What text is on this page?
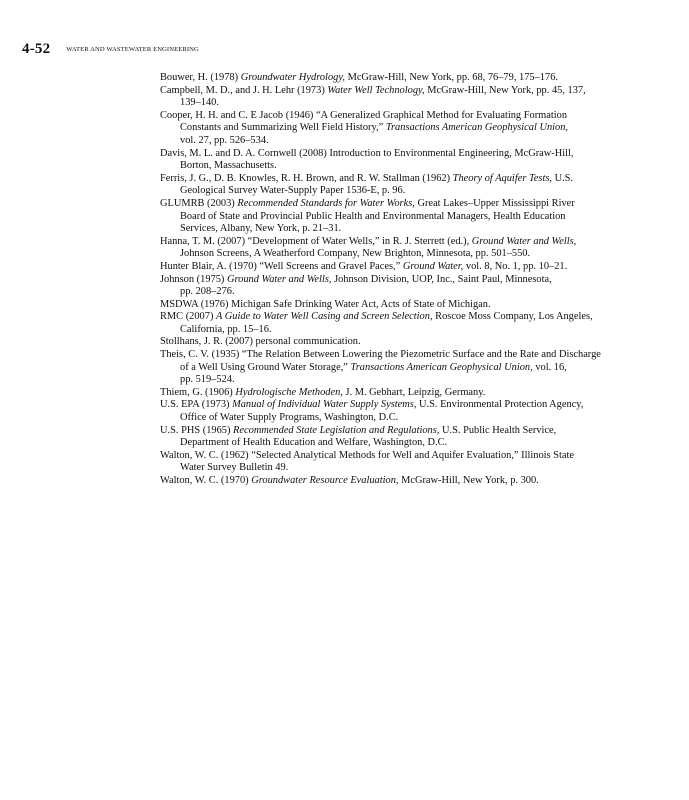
4-52 WATER AND WASTEWATER ENGINEERING
Bouwer, H. (1978) Groundwater Hydrology, McGraw-Hill, New York, pp. 68, 76–79, 175–176.
Campbell, M. D., and J. H. Lehr (1973) Water Well Technology, McGraw-Hill, New York, pp. 45, 137,
139–140.
Cooper, H. H. and C. E Jacob (1946) “A Generalized Graphical Method for Evaluating Formation
Constants and Summarizing Well Field History,” Transactions American Geophysical Union,
vol. 27, pp. 526–534.
Davis, M. L. and D. A. Cornwell (2008) Introduction to Environmental Engineering, McGraw-Hill,
Borton, Massachusetts.
Ferris, J. G., D. B. Knowles, R. H. Brown, and R. W. Stallman (1962) Theory of Aquifer Tests, U.S.
Geological Survey Water-Supply Paper 1536-E, p. 96.
GLUMRB (2003) Recommended Standards for Water Works, Great Lakes–Upper Mississippi River
Board of State and Provincial Public Health and Environmental Managers, Health Education
Services, Albany, New York, p. 21–31.
Hanna, T. M. (2007) “Development of Water Wells,” in R. J. Sterrett (ed.), Ground Water and Wells,
Johnson Screens, A Weatherford Company, New Brighton, Minnesota, pp. 501–550.
Hunter Blair, A. (1970) “Well Screens and Gravel Paces,” Ground Water, vol. 8, No. 1, pp. 10–21.
Johnson (1975) Ground Water and Wells, Johnson Division, UOP, Inc., Saint Paul, Minnesota,
pp. 208–276.
MSDWA (1976) Michigan Safe Drinking Water Act, Acts of State of Michigan.
RMC (2007) A Guide to Water Well Casing and Screen Selection, Roscoe Moss Company, Los Angeles,
California, pp. 15–16.
Stollhans, J. R. (2007) personal communication.
Theis, C. V. (1935) “The Relation Between Lowering the Piezometric Surface and the Rate and Discharge
of a Well Using Ground Water Storage,” Transactions American Geophysical Union, vol. 16,
pp. 519–524.
Thiem, G. (1906) Hydrologische Methoden, J. M. Gebhart, Leipzig, Germany.
U.S. EPA (1973) Manual of Individual Water Supply Systems, U.S. Environmental Protection Agency,
Office of Water Supply Programs, Washington, D.C.
U.S. PHS (1965) Recommended State Legislation and Regulations, U.S. Public Health Service,
Department of Health Education and Welfare, Washington, D.C.
Walton, W. C. (1962) “Selected Analytical Methods for Well and Aquifer Evaluation,” Illinois State
Water Survey Bulletin 49.
Walton, W. C. (1970) Groundwater Resource Evaluation, McGraw-Hill, New York, p. 300.
